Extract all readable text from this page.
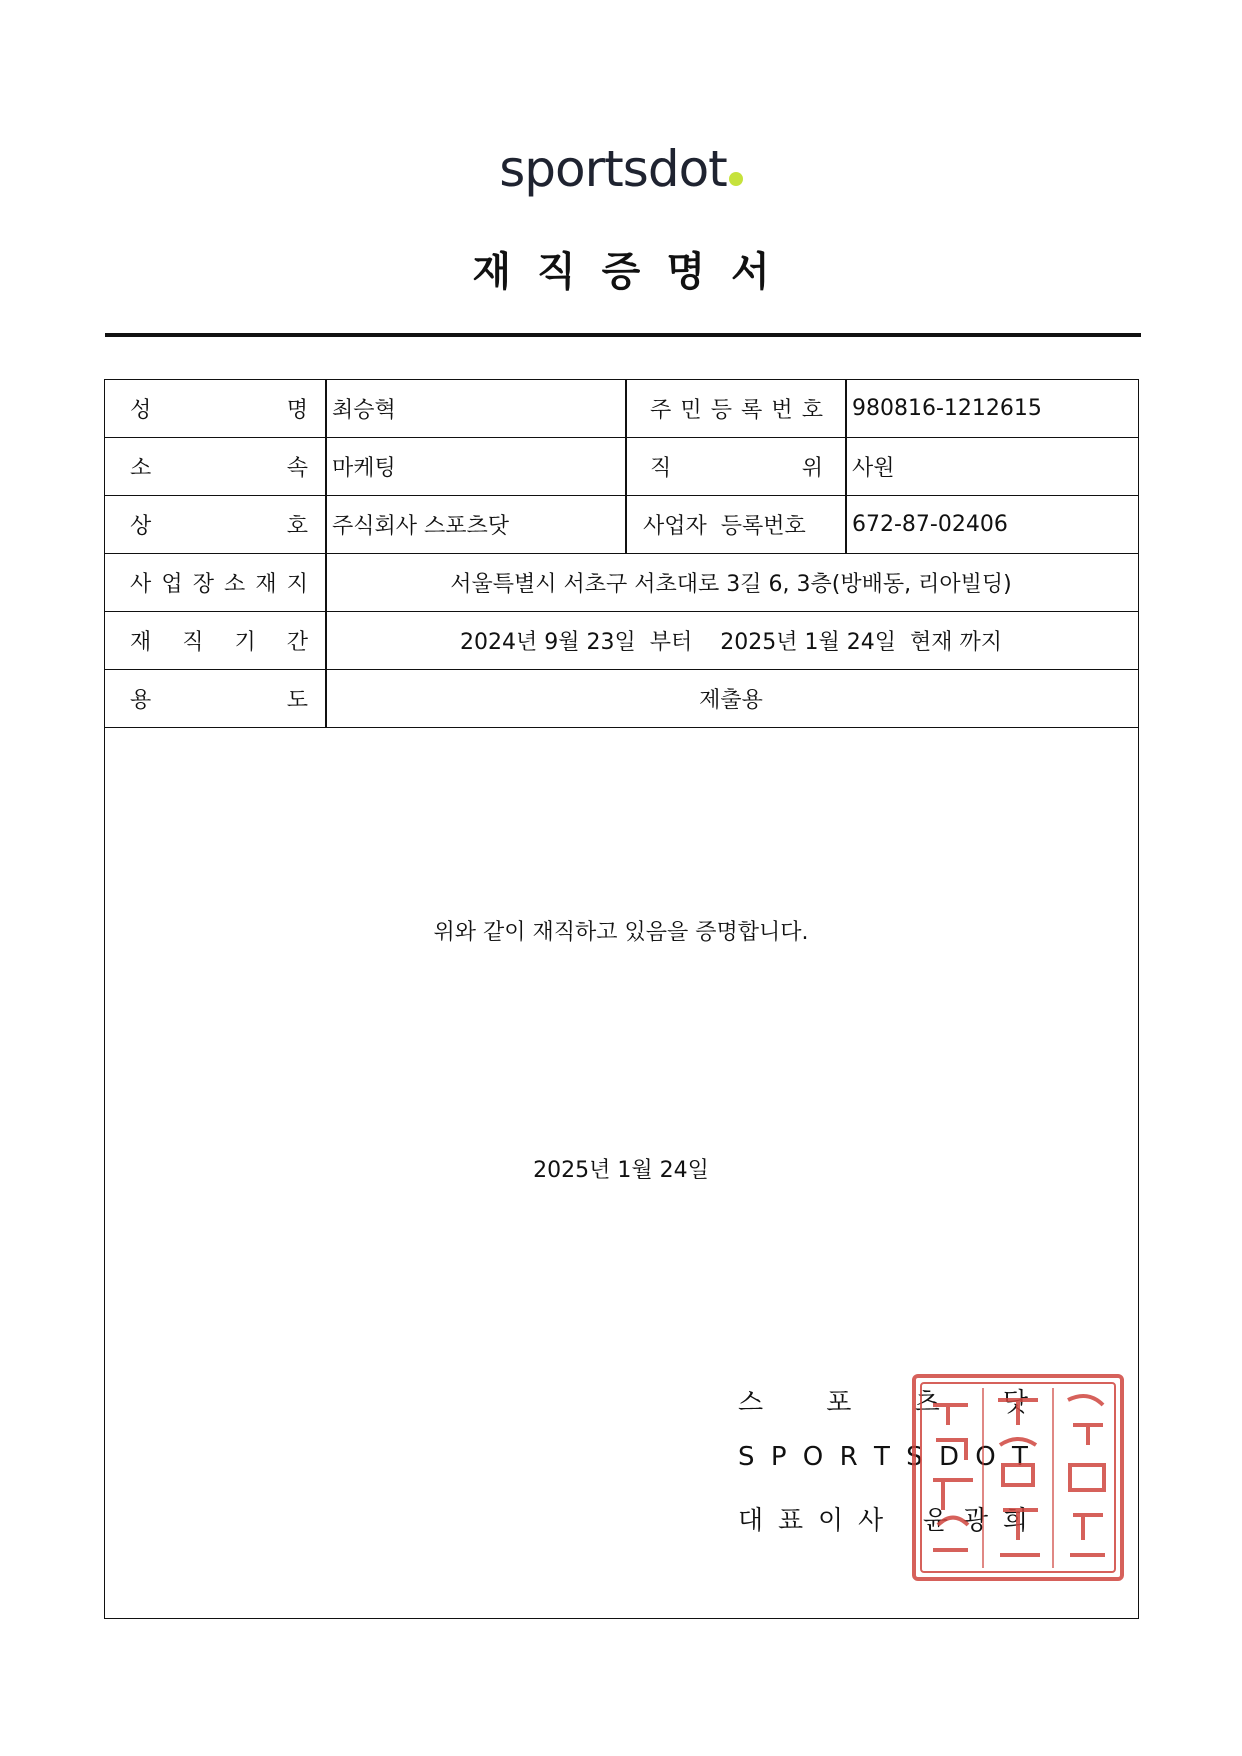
sportsdot
재직증명서
성	명 최승혁	주 민 등 록 번 호 980816-1212615
소	속 마케팅	직	위 사원
상	호 주식회사 스포츠닷	사업자  등록번호	672-87-02406
사 업 장 소 재 지	서울특별시 서초구 서초대로 3길 6, 3층(방배동, 리아빌딩)
재 직 기 간	2024년 9월 23일  부터    2025년 1월 24일  현재 까지
용	도	제출용
위와 같이 재직하고 있음을 증명합니다.
2025년 1월 24일
스 포 츠 닷
S P O R T S D O T
대 표 이 사 윤 광 희
